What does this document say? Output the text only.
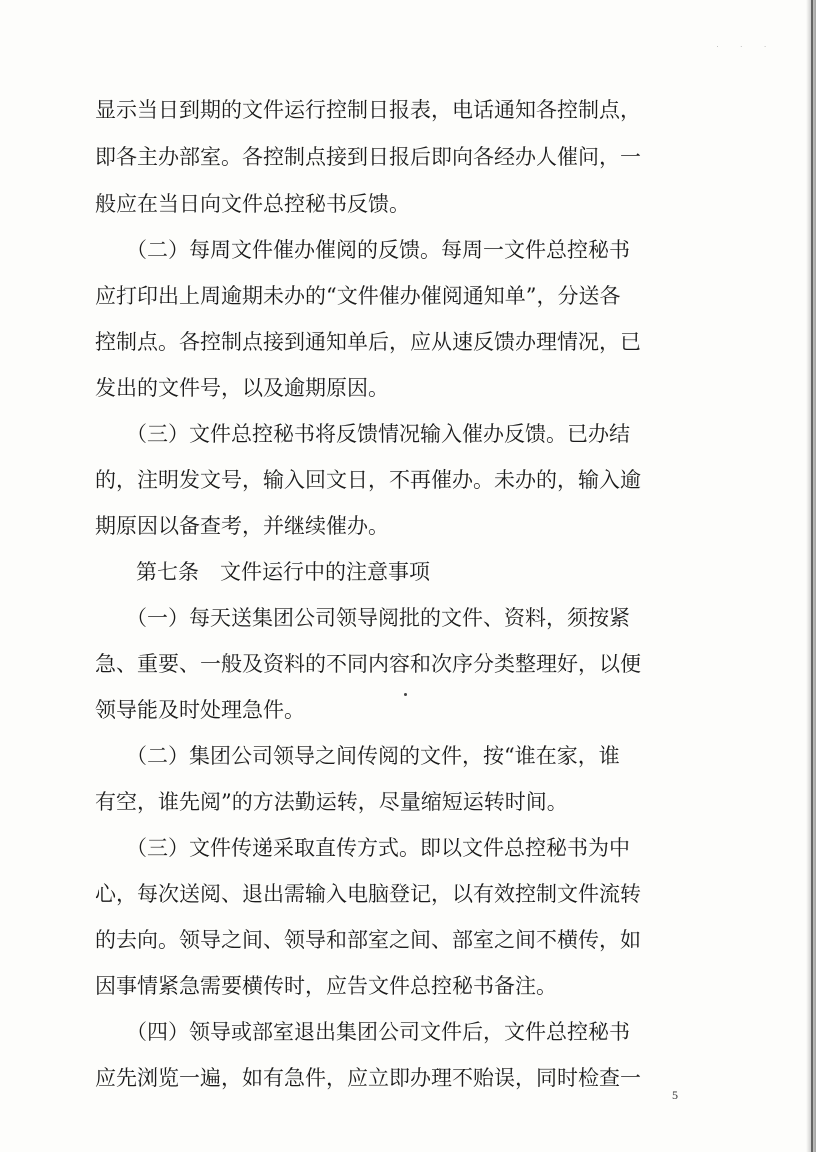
· · ·
显示当日到期的文件运行控制日报表，电话通知各控制点，
即各主办部室。各控制点接到日报后即向各经办人催问，一
般应在当日向文件总控秘书反馈。
（二）每周文件催办催阅的反馈。每周一文件总控秘书
应打印出上周逾期未办的“文件催办催阅通知单”，分送各
控制点。各控制点接到通知单后，应从速反馈办理情况，已
发出的文件号，以及逾期原因。
（三）文件总控秘书将反馈情况输入催办反馈。已办结
的，注明发文号，输入回文日，不再催办。未办的，输入逾
期原因以备查考，并继续催办。
第七条　文件运行中的注意事项
（一）每天送集团公司领导阅批的文件、资料，须按紧
急、重要、一般及资料的不同内容和次序分类整理好，以便
领导能及时处理急件。
（二）集团公司领导之间传阅的文件，按“谁在家，谁
有空，谁先阅”的方法勤运转，尽量缩短运转时间。
（三）文件传递采取直传方式。即以文件总控秘书为中
心，每次送阅、退出需输入电脑登记，以有效控制文件流转
的去向。领导之间、领导和部室之间、部室之间不横传，如
因事情紧急需要横传时，应告文件总控秘书备注。
（四）领导或部室退出集团公司文件后，文件总控秘书
应先浏览一遍，如有急件，应立即办理不贻误，同时检查一
5
